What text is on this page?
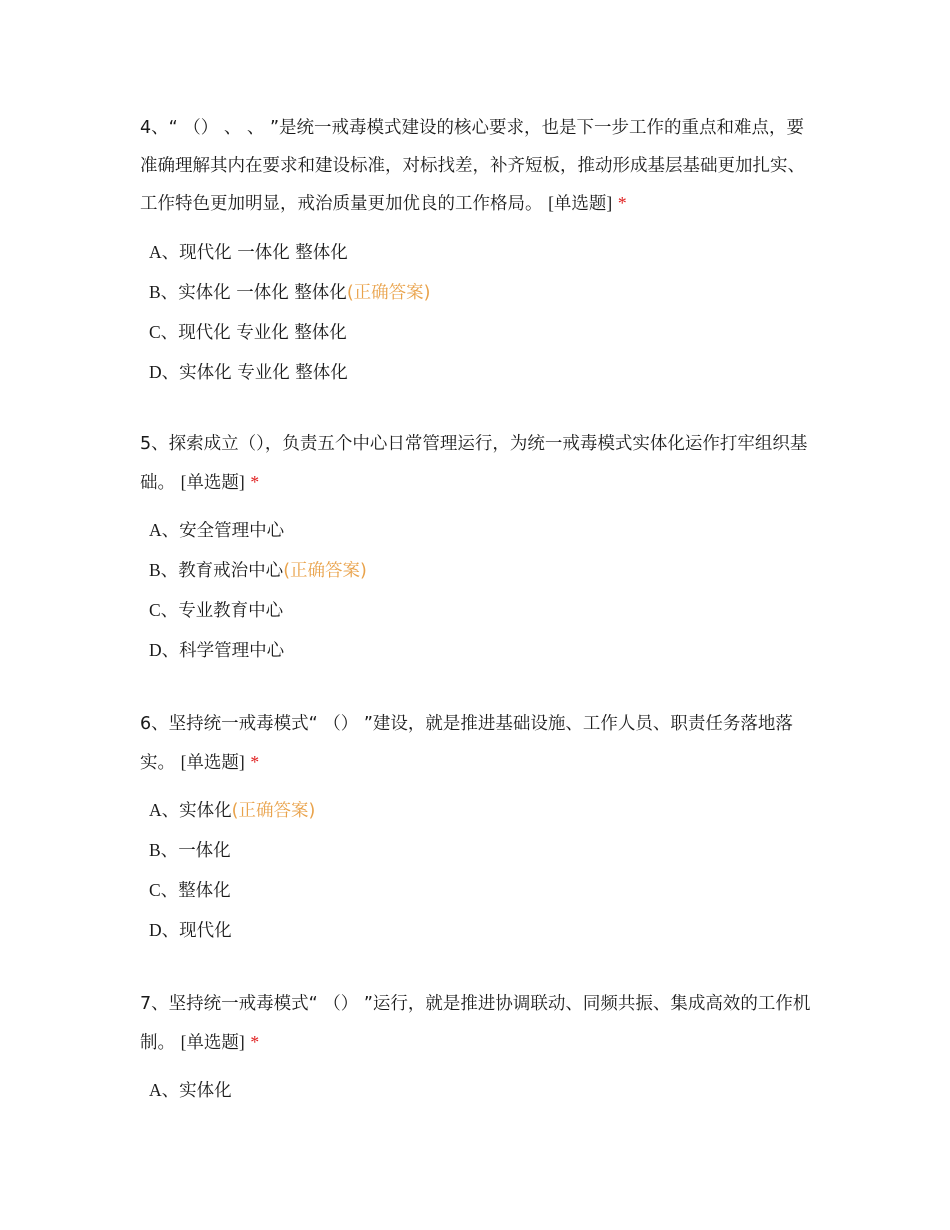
4、“ （） 、 、 ”是统一戒毒模式建设的核心要求，也是下一步工作的重点和难点，要准确理解其内在要求和建设标准，对标找差，补齐短板，推动形成基层基础更加扎实、工作特色更加明显，戒治质量更加优良的工作格局。 [单选题] *

A、现代化 一体化 整体化
B、实体化 一体化 整体化(正确答案)
C、现代化 专业化 整体化
D、实体化 专业化 整体化

5、探索成立（），负责五个中心日常管理运行，为统一戒毒模式实体化运作打牢组织基础。 [单选题] *

A、安全管理中心
B、教育戒治中心(正确答案)
C、专业教育中心
D、科学管理中心

6、坚持统一戒毒模式“ （） ”建设，就是推进基础设施、工作人员、职责任务落地落实。 [单选题] *

A、实体化(正确答案)
B、一体化
C、整体化
D、现代化

7、坚持统一戒毒模式“ （） ”运行，就是推进协调联动、同频共振、集成高效的工作机制。 [单选题] *

A、实体化
